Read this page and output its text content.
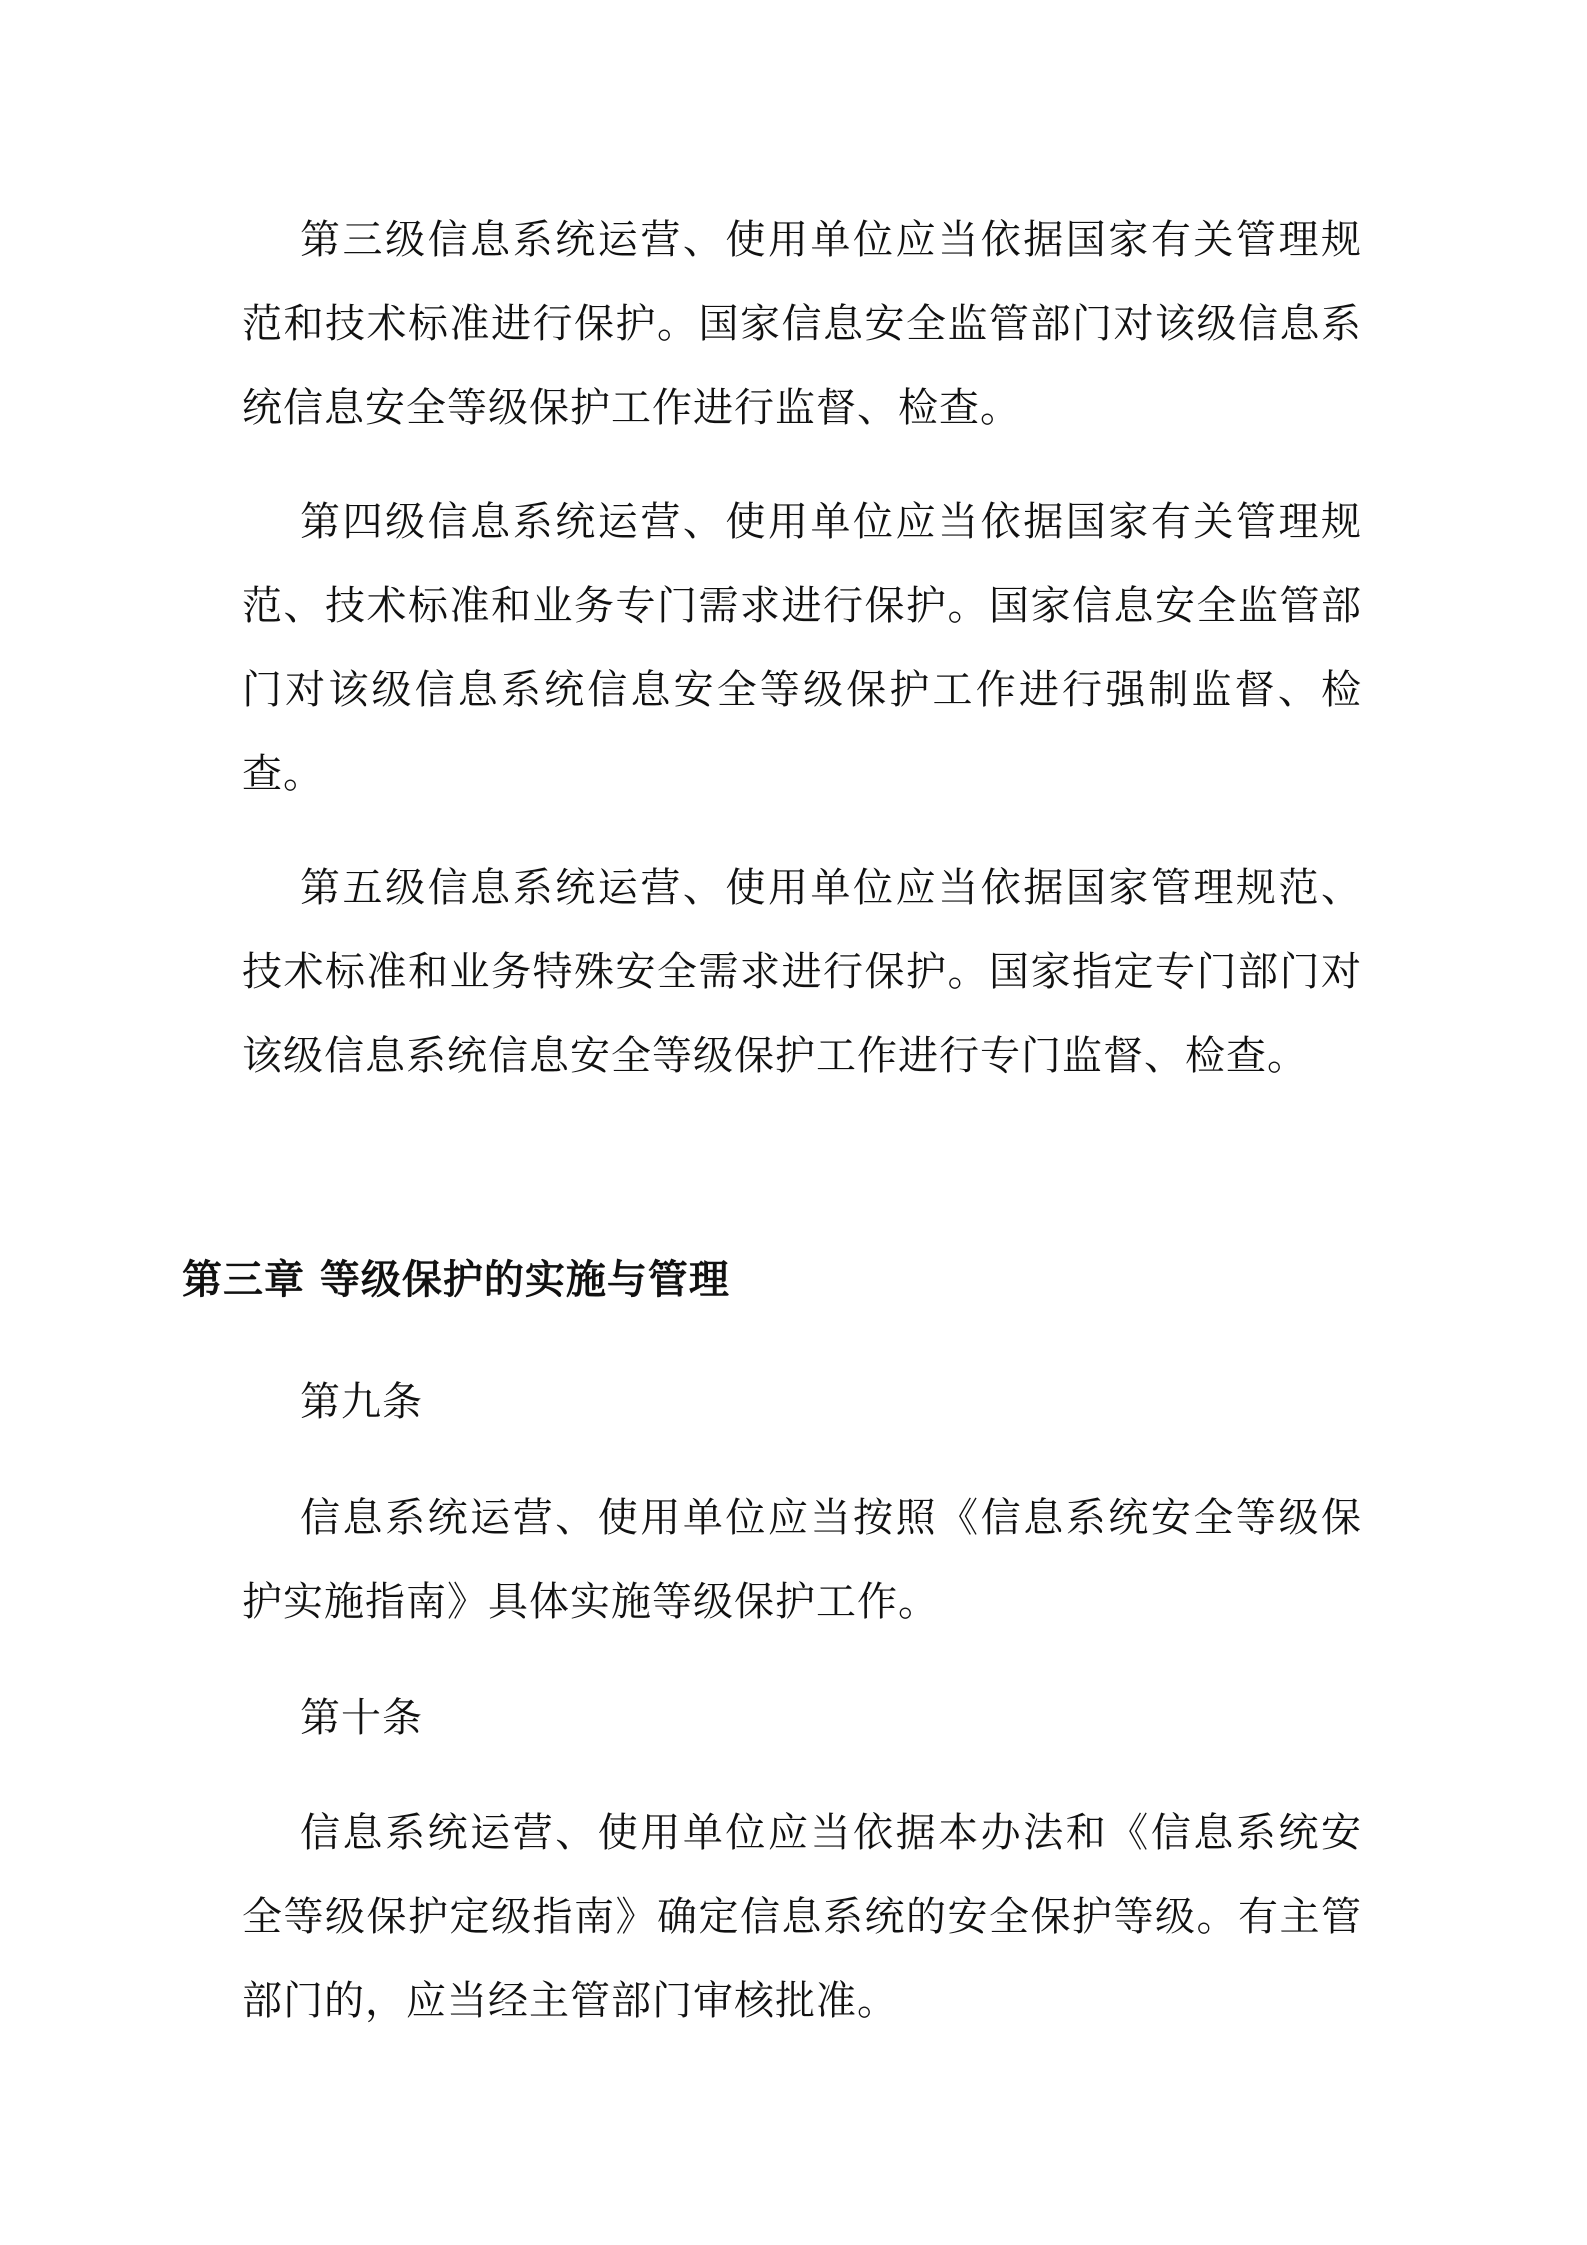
第三级信息系统运营、使用单位应当依据国家有关管理规范和技术标准进行保护。国家信息安全监管部门对该级信息系统信息安全等级保护工作进行监督、检查。

第四级信息系统运营、使用单位应当依据国家有关管理规范、技术标准和业务专门需求进行保护。国家信息安全监管部门对该级信息系统信息安全等级保护工作进行强制监督、检查。

第五级信息系统运营、使用单位应当依据国家管理规范、技术标准和业务特殊安全需求进行保护。国家指定专门部门对该级信息系统信息安全等级保护工作进行专门监督、检查。

第三章 等级保护的实施与管理

第九条

信息系统运营、使用单位应当按照《信息系统安全等级保护实施指南》具体实施等级保护工作。

第十条

信息系统运营、使用单位应当依据本办法和《信息系统安全等级保护定级指南》确定信息系统的安全保护等级。有主管部门的，应当经主管部门审核批准。
